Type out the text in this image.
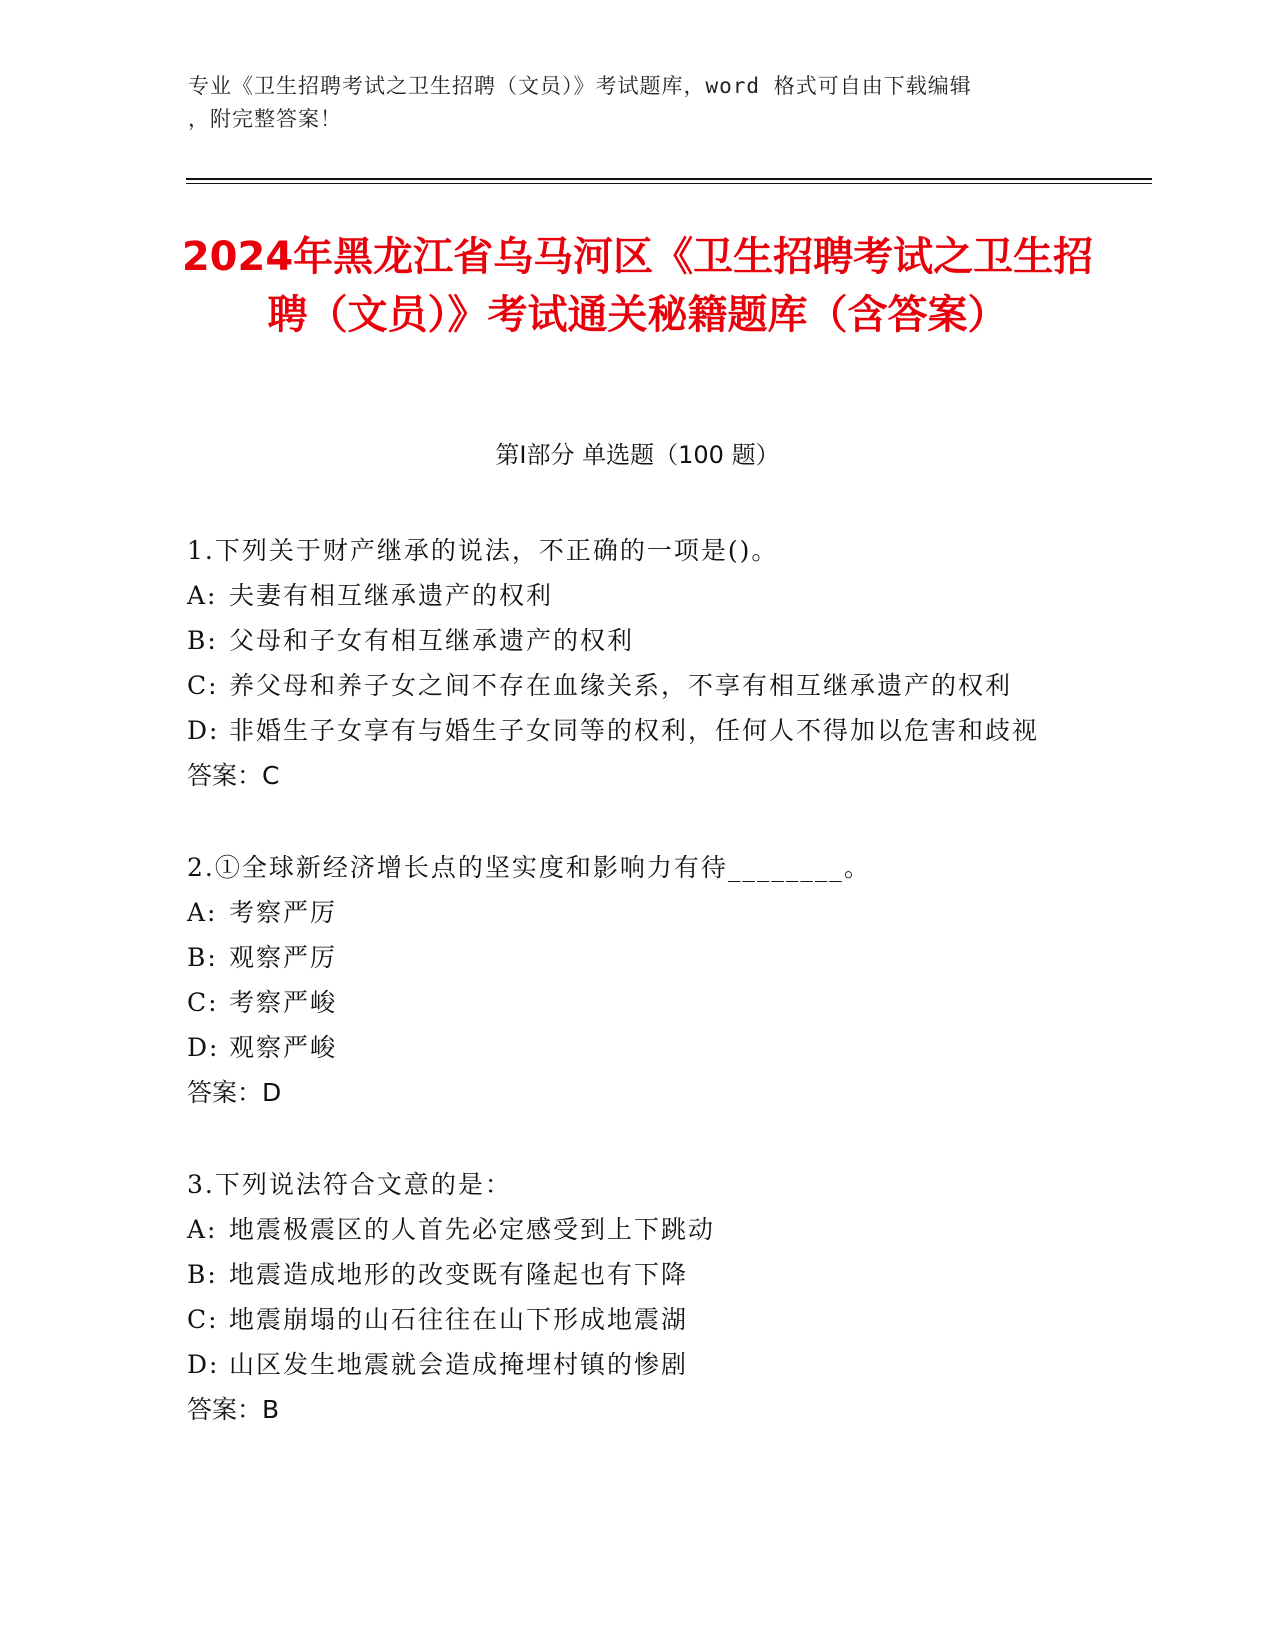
专业《卫生招聘考试之卫生招聘（文员）》考试题库，word 格式可自由下载编辑
，附完整答案！
2024年黑龙江省乌马河区《卫生招聘考试之卫生招聘（文员）》考试通关秘籍题库（含答案）
第Ⅰ部分 单选题（100 题）
1.下列关于财产继承的说法，不正确的一项是()。
A: 夫妻有相互继承遗产的权利
B: 父母和子女有相互继承遗产的权利
C: 养父母和养子女之间不存在血缘关系，不享有相互继承遗产的权利
D: 非婚生子女享有与婚生子女同等的权利，任何人不得加以危害和歧视
答案：C
2.①全球新经济增长点的坚实度和影响力有待________。
A: 考察严厉
B: 观察严厉
C: 考察严峻
D: 观察严峻
答案：D
3.下列说法符合文意的是：
A: 地震极震区的人首先必定感受到上下跳动
B: 地震造成地形的改变既有隆起也有下降
C: 地震崩塌的山石往往在山下形成地震湖
D: 山区发生地震就会造成掩埋村镇的惨剧
答案：B
